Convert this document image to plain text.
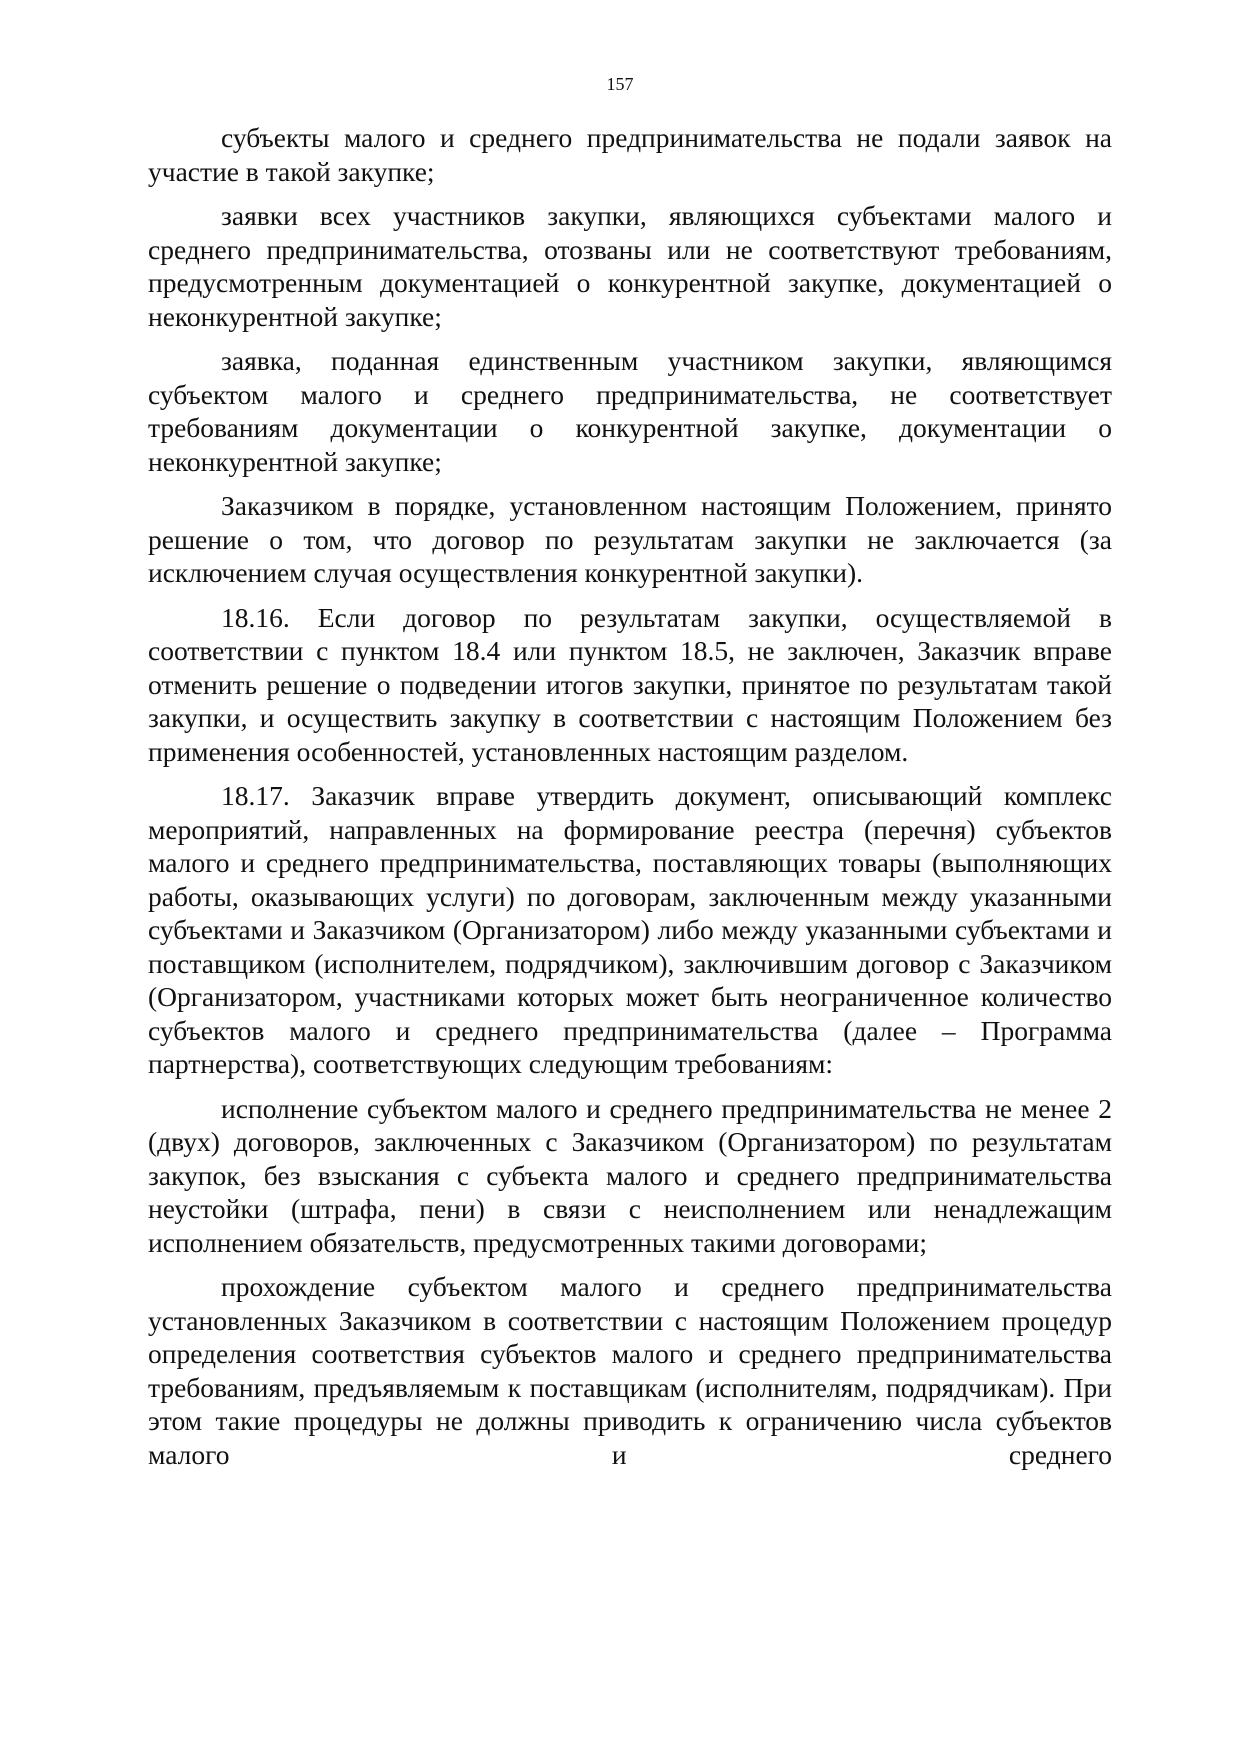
157

субъекты малого и среднего предпринимательства не подали заявок на участие в такой закупке;

заявки всех участников закупки, являющихся субъектами малого и среднего предпринимательства, отозваны или не соответствуют требованиям, предусмотренным документацией о конкурентной закупке, документацией о неконкурентной закупке;

заявка, поданная единственным участником закупки, являющимся субъектом малого и среднего предпринимательства, не соответствует требованиям документации о конкурентной закупке, документации о неконкурентной закупке;

Заказчиком в порядке, установленном настоящим Положением, принято решение о том, что договор по результатам закупки не заключается (за исключением случая осуществления конкурентной закупки).

18.16. Если договор по результатам закупки, осуществляемой в соответствии с пунктом 18.4 или пунктом 18.5, не заключен, Заказчик вправе отменить решение о подведении итогов закупки, принятое по результатам такой закупки, и осуществить закупку в соответствии с настоящим Положением без применения особенностей, установленных настоящим разделом.

18.17. Заказчик вправе утвердить документ, описывающий комплекс мероприятий, направленных на формирование реестра (перечня) субъектов малого и среднего предпринимательства, поставляющих товары (выполняющих работы, оказывающих услуги) по договорам, заключенным между указанными субъектами и Заказчиком (Организатором) либо между указанными субъектами и поставщиком (исполнителем, подрядчиком), заключившим договор с Заказчиком (Организатором, участниками которых может быть неограниченное количество субъектов малого и среднего предпринимательства (далее – Программа партнерства), соответствующих следующим требованиям:

исполнение субъектом малого и среднего предпринимательства не менее 2 (двух) договоров, заключенных с Заказчиком (Организатором) по результатам закупок, без взыскания с субъекта малого и среднего предпринимательства неустойки (штрафа, пени) в связи с неисполнением или ненадлежащим исполнением обязательств, предусмотренных такими договорами;

прохождение субъектом малого и среднего предпринимательства установленных Заказчиком в соответствии с настоящим Положением процедур определения соответствия субъектов малого и среднего предпринимательства требованиям, предъявляемым к поставщикам (исполнителям, подрядчикам). При этом такие процедуры не должны приводить к ограничению числа субъектов малого и среднего
